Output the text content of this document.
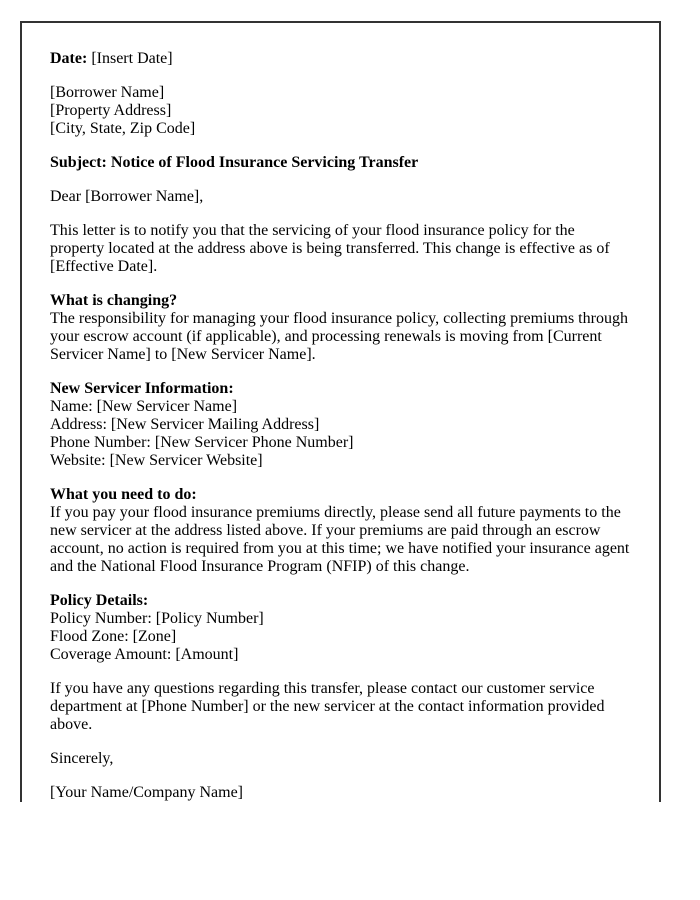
Date: [Insert Date]

[Borrower Name]
[Property Address]
[City, State, Zip Code]

Subject: Notice of Flood Insurance Servicing Transfer

Dear [Borrower Name],

This letter is to notify you that the servicing of your flood insurance policy for the property located at the address above is being transferred. This change is effective as of [Effective Date].

What is changing?
The responsibility for managing your flood insurance policy, collecting premiums through your escrow account (if applicable), and processing renewals is moving from [Current Servicer Name] to [New Servicer Name].

New Servicer Information:
Name: [New Servicer Name]
Address: [New Servicer Mailing Address]
Phone Number: [New Servicer Phone Number]
Website: [New Servicer Website]

What you need to do:
If you pay your flood insurance premiums directly, please send all future payments to the new servicer at the address listed above. If your premiums are paid through an escrow account, no action is required from you at this time; we have notified your insurance agent and the National Flood Insurance Program (NFIP) of this change.

Policy Details:
Policy Number: [Policy Number]
Flood Zone: [Zone]
Coverage Amount: [Amount]

If you have any questions regarding this transfer, please contact our customer service department at [Phone Number] or the new servicer at the contact information provided above.

Sincerely,

[Your Name/Company Name]
